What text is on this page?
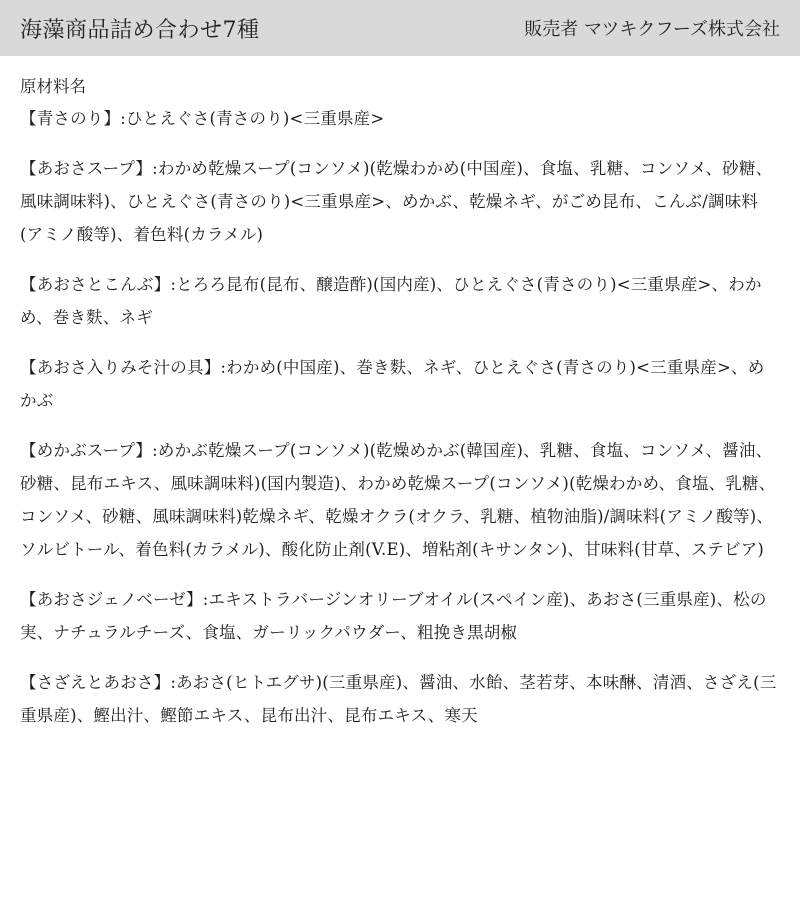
海藻商品詰め合わせ7種	販売者 マツキクフーズ株式会社
原材料名
【青さのり】:ひとえぐさ(青さのり)<三重県産>
【あおさスープ】:わかめ乾燥スープ(コンソメ)(乾燥わかめ(中国産)、食塩、乳糖、コンソメ、砂糖、風味調味料)、ひとえぐさ(青さのり)<三重県産>、めかぶ、乾燥ネギ、がごめ昆布、こんぶ/調味料(アミノ酸等)、着色料(カラメル)
【あおさとこんぶ】:とろろ昆布(昆布、醸造酢)(国内産)、ひとえぐさ(青さのり)<三重県産>、わかめ、巻き麩、ネギ
【あおさ入りみそ汁の具】:わかめ(中国産)、巻き麩、ネギ、ひとえぐさ(青さのり)<三重県産>、めかぶ
【めかぶスープ】:めかぶ乾燥スープ(コンソメ)(乾燥めかぶ(韓国産)、乳糖、食塩、コンソメ、醤油、砂糖、昆布エキス、風味調味料)(国内製造)、わかめ乾燥スープ(コンソメ)(乾燥わかめ、食塩、乳糖、コンソメ、砂糖、風味調味料)乾燥ネギ、乾燥オクラ(オクラ、乳糖、植物油脂)/調味料(アミノ酸等)、ソルビトール、着色料(カラメル)、酸化防止剤(V.E)、増粘剤(キサンタン)、甘味料(甘草、ステビア)
【あおさジェノベーゼ】:エキストラバージンオリーブオイル(スペイン産)、あおさ(三重県産)、松の実、ナチュラルチーズ、食塩、ガーリックパウダー、粗挽き黒胡椒
【さざえとあおさ】:あおさ(ヒトエグサ)(三重県産)、醤油、水飴、茎若芽、本味醂、清酒、さざえ(三重県産)、鰹出汁、鰹節エキス、昆布出汁、昆布エキス、寒天
